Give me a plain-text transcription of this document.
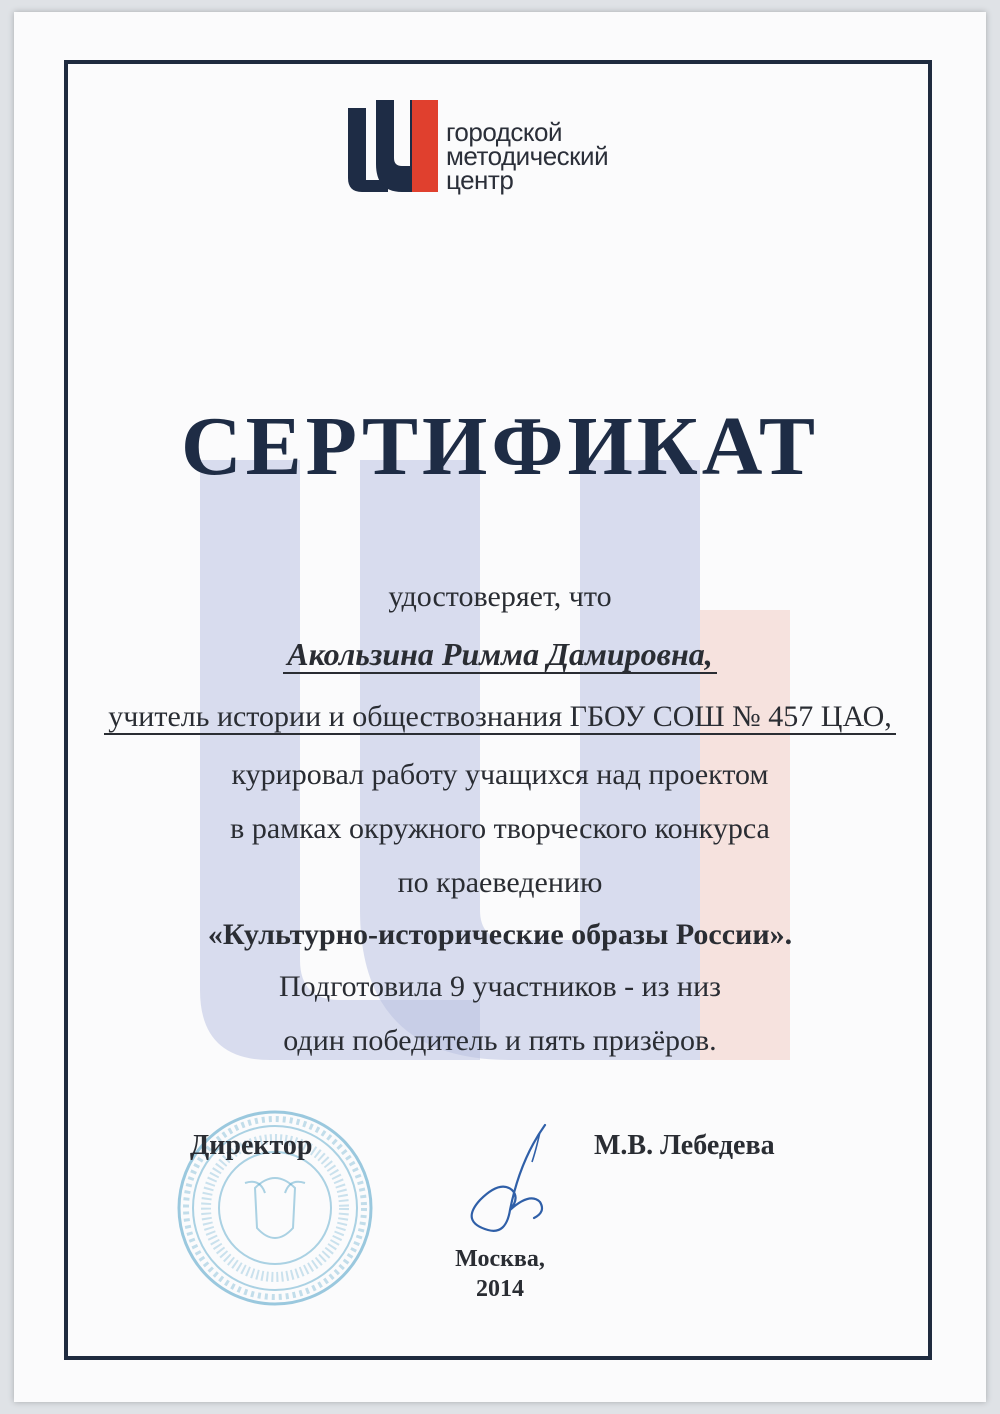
городской
методический
центр
СЕРТИФИКАТ
удостоверяет, что
Акользина Римма Дамировна,
учитель истории и обществознания ГБОУ СОШ № 457 ЦАО,
курировал работу учащихся над проектом
в рамках окружного творческого конкурса
по краеведению
«Культурно-исторические образы России».
Подготовила 9 участников - из низ
один победитель и пять призёров.
Директор	М.В. Лебедева
Москва,
2014
